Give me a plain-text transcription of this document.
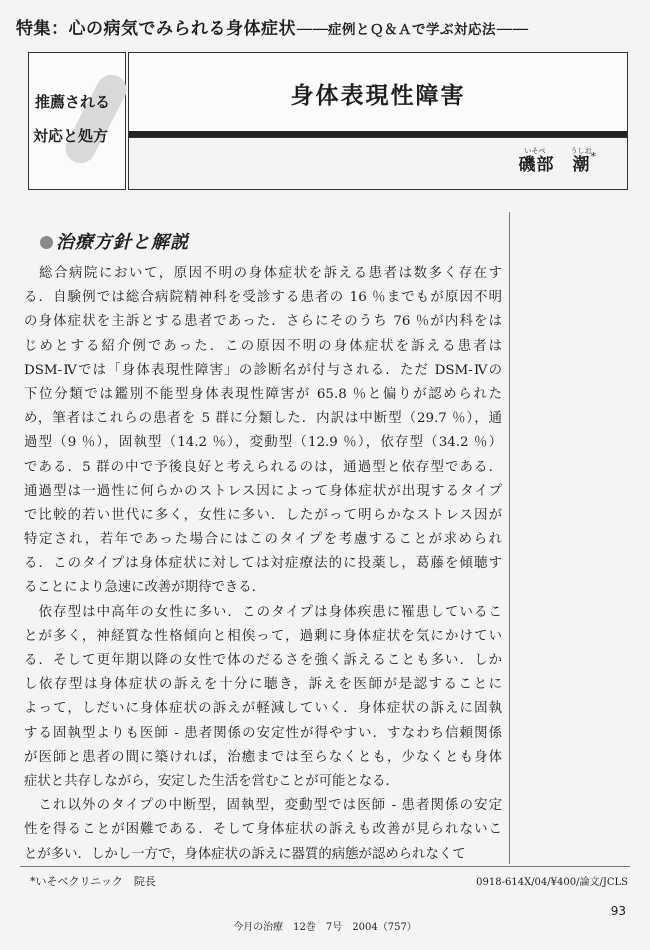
特集：心の病気でみられる身体症状——症例とＱ＆Ａで学ぶ対応法——
推薦される
対応と処方
身体表現性障害
いそべ	うしお
磯部　潮*
治療方針と解説
　総合病院において，原因不明の身体症状を訴える患者は数多く存在す
る．自験例では総合病院精神科を受診する患者の 16 ％までもが原因不明
の身体症状を主訴とする患者であった．さらにそのうち 76 ％が内科をは
じめとする紹介例であった．この原因不明の身体症状を訴える患者は
DSM-Ⅳでは「身体表現性障害」の診断名が付与される．ただ DSM-Ⅳの
下位分類では鑑別不能型身体表現性障害が 65.8 ％と偏りが認められた
め，筆者はこれらの患者を 5 群に分類した．内訳は中断型（29.7 ％），通
過型（9 ％），固執型（14.2 ％），変動型（12.9 ％），依存型（34.2 ％）
である．5 群の中で予後良好と考えられるのは，通過型と依存型である．
通過型は一過性に何らかのストレス因によって身体症状が出現するタイプ
で比較的若い世代に多く，女性に多い．したがって明らかなストレス因が
特定され，若年であった場合にはこのタイプを考慮することが求められ
る．このタイプは身体症状に対しては対症療法的に投薬し，葛藤を傾聴す
ることにより急速に改善が期待できる．
　依存型は中高年の女性に多い．このタイプは身体疾患に罹患しているこ
とが多く，神経質な性格傾向と相俟って，過剰に身体症状を気にかけてい
る．そして更年期以降の女性で体のだるさを強く訴えることも多い．しか
し依存型は身体症状の訴えを十分に聴き，訴えを医師が是認することに
よって，しだいに身体症状の訴えが軽減していく．身体症状の訴えに固執
する固執型よりも医師 - 患者関係の安定性が得やすい．すなわち信頼関係
が医師と患者の間に築ければ，治癒までは至らなくとも，少なくとも身体
症状と共存しながら，安定した生活を営むことが可能となる．
　これ以外のタイプの中断型，固執型，変動型では医師 - 患者関係の安定
性を得ることが困難である．そして身体症状の訴えも改善が見られないこ
とが多い．しかし一方で，身体症状の訴えに器質的病態が認められなくて
*いそベクリニック　院長	0918-614X/04/¥400/論文/JCLS
93
今月の治療　12巻　7号　2004（757）
